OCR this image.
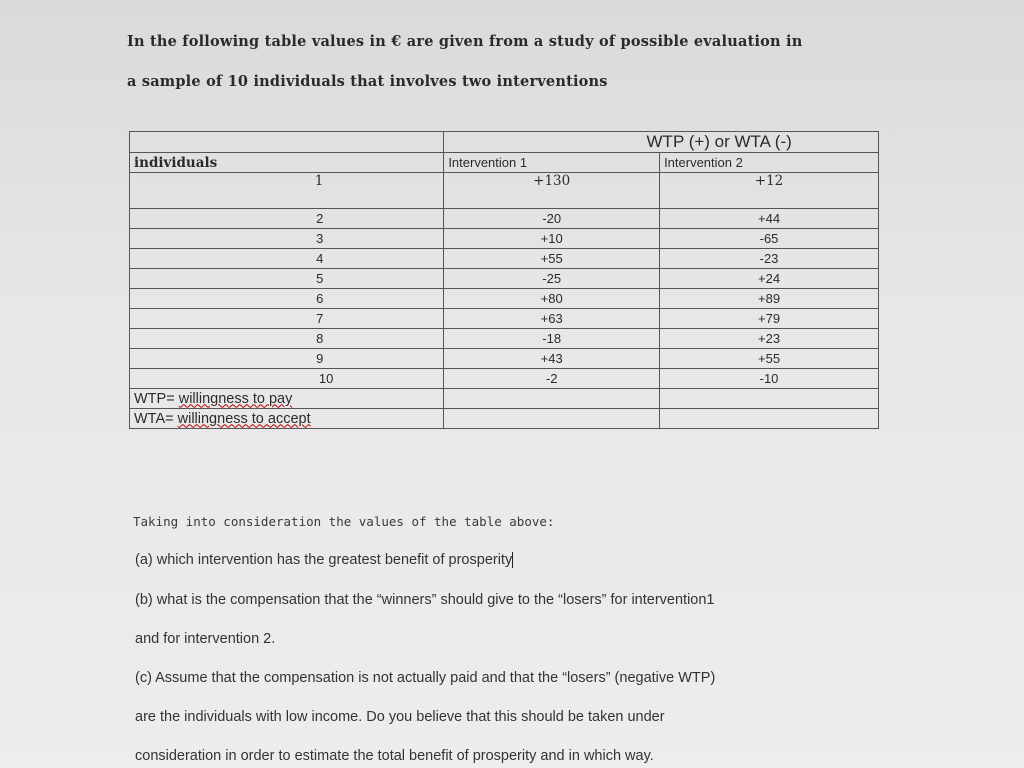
In the following table values in € are given from a study of possible evaluation in
a sample of 10 individuals that involves two interventions
	WTP (+) or WTA (-)	
individuals	Intervention 1	Intervention 2
1	+130	+12
2	-20	+44
3	+10	-65
4	+55	-23
5	-25	+24
6	+80	+89
7	+63	+79
8	-18	+23
9	+43	+55
10	-2	-10
WTP= willingness to pay		
WTA= willingness to accept		
Taking into consideration the values of the table above:
(a) which intervention has the greatest benefit of prosperity
(b) what is the compensation that the “winners” should give to the “losers” for intervention1
and for intervention 2.
(c) Assume that the compensation is not actually paid and that the “losers” (negative WTP)
are the individuals with low income. Do you believe that this should be taken under
consideration in order to estimate the total benefit of prosperity and in which way.
